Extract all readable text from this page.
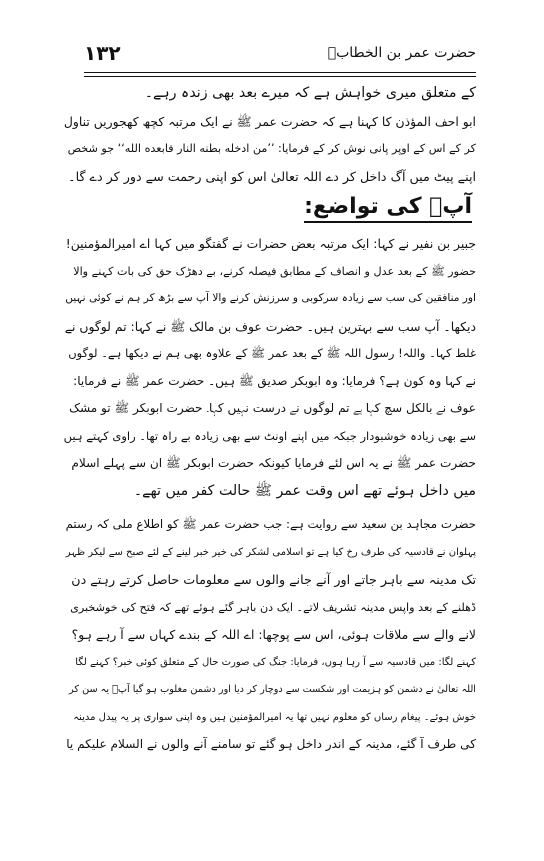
۱۳۲	حضرت عمر بن الخطابؓ
کے متعلق میری خواہش ہے کہ میرے بعد بھی زندہ رہے۔
ابو احف المؤذن کا کہنا ہے کہ حضرت عمر ﷺ نے ایک مرتبہ کچھ کھجوریں تناول
کر کے اس کے اوپر پانی نوش کر کے فرمایا: ’’من ادخله بطنه النار فابعده الله‘‘ جو شخص
اپنے پیٹ میں آگ داخل کر دے اللہ تعالیٰ اس کو اپنی رحمت سے دور کر دے گا۔
آپؓ کی تواضع:
جبیر بن نفیر نے کہا: ایک مرتبہ بعض حضرات نے گفتگو میں کہا اے امیرالمؤمنین!
حضور ﷺ کے بعد عدل و انصاف کے مطابق فیصلہ کرنے، بے دھڑک حق کی بات کہنے والا
اور منافقین کی سب سے زیادہ سرکوبی و سرزنش کرنے والا آپ سے بڑھ کر ہم نے کوئی نہیں
دیکھا۔ آپ سب سے بہترین ہیں۔ حضرت عوف بن مالک ﷺ نے کہا: تم لوگوں نے
غلط کہا۔ واللہ! رسول اللہ ﷺ کے بعد عمر ﷺ کے علاوہ بھی ہم نے دیکھا ہے۔ لوگوں
نے کہا وہ کون ہے؟ فرمایا: وہ ابوبکر صدیق ﷺ ہیں۔ حضرت عمر ﷺ نے فرمایا:
عوف نے بالکل سچ کہا ہے تم لوگوں نے درست نہیں کہا۔ حضرت ابوبکر ﷺ تو مشک
سے بھی زیادہ خوشبودار جبکہ میں اپنے اونٹ سے بھی زیادہ بے راہ تھا۔ راوی کہتے ہیں
حضرت عمر ﷺ نے یہ اس لئے فرمایا کیونکہ حضرت ابوبکر ﷺ ان سے پہلے اسلام
میں داخل ہوئے تھے اس وقت عمر ﷺ حالت کفر میں تھے۔
حضرت مجاہد بن سعید سے روایت ہے: جب حضرت عمر ﷺ کو اطلاع ملی کہ رستم
پہلوان نے قادسیہ کی طرف رخ کیا ہے تو اسلامی لشکر کی خیر خبر لینے کے لئے صبح سے لیکر ظہر
تک مدینہ سے باہر جاتے اور آنے جانے والوں سے معلومات حاصل کرتے رہتے دن
ڈھلنے کے بعد واپس مدینہ تشریف لاتے۔ ایک دن باہر گئے ہوئے تھے کہ فتح کی خوشخبری
لانے والے سے ملاقات ہوئی، اس سے پوچھا: اے اللہ کے بندے کہاں سے آ رہے ہو؟
کہنے لگا: میں قادسیہ سے آ رہا ہوں، فرمایا: جنگ کی صورت حال کے متعلق کوئی خبر؟ کہنے لگا
اللہ تعالیٰ نے دشمن کو ہزیمت اور شکست سے دوچار کر دیا اور دشمن مغلوب ہو گیا آپؓ یہ سن کر
خوش ہوئے۔ پیغام رساں کو معلوم نہیں تھا یہ امیرالمؤمنین ہیں وہ اپنی سواری پر یہ پیدل مدینہ
کی طرف آ گئے، مدینہ کے اندر داخل ہو گئے تو سامنے آنے والوں نے السلام علیکم یا
